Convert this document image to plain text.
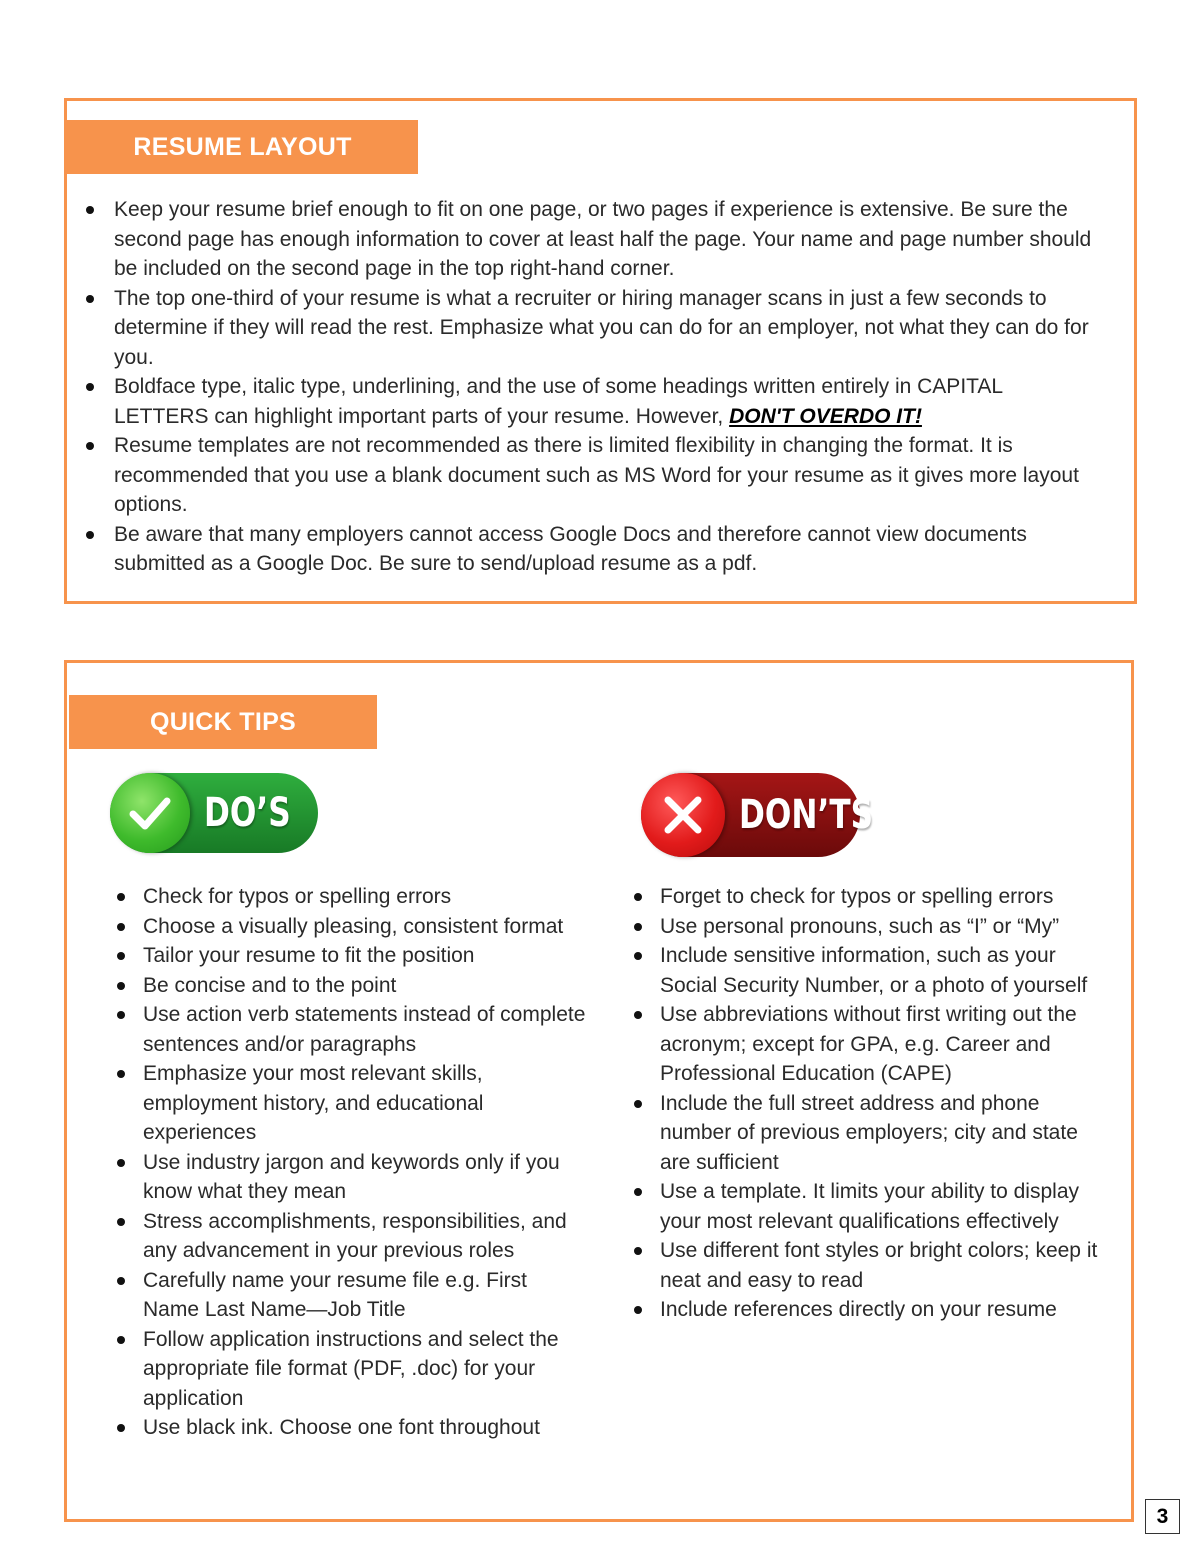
RESUME LAYOUT
Keep your resume brief enough to fit on one page, or two pages if experience is extensive. Be sure the second page has enough information to cover at least half the page. Your name and page number should be included on the second page in the top right-hand corner.
The top one-third of your resume is what a recruiter or hiring manager scans in just a few seconds to determine if they will read the rest. Emphasize what you can do for an employer, not what they can do for you.
Boldface type, italic type, underlining, and the use of some headings written entirely in CAPITAL LETTERS can highlight important parts of your resume. However, DON'T OVERDO IT!
Resume templates are not recommended as there is limited flexibility in changing the format. It is recommended that you use a blank document such as MS Word for your resume as it gives more layout options.
Be aware that many employers cannot access Google Docs and therefore cannot view documents submitted as a Google Doc. Be sure to send/upload resume as a pdf.
QUICK TIPS
DO’S	DON’TS
Check for typos or spelling errors
Choose a visually pleasing, consistent format
Tailor your resume to fit the position
Be concise and to the point
Use action verb statements instead of complete sentences and/or paragraphs
Emphasize your most relevant skills, employment history, and educational experiences
Use industry jargon and keywords only if you know what they mean
Stress accomplishments, responsibilities, and any advancement in your previous roles
Carefully name your resume file e.g. First Name Last Name—Job Title
Follow application instructions and select the appropriate file format (PDF, .doc) for your application
Use black ink. Choose one font throughout
Forget to check for typos or spelling errors
Use personal pronouns, such as “I” or “My”
Include sensitive information, such as your Social Security Number, or a photo of yourself
Use abbreviations without first writing out the acronym; except for GPA, e.g. Career and Professional Education (CAPE)
Include the full street address and phone number of previous employers; city and state are sufficient
Use a template. It limits your ability to display your most relevant qualifications effectively
Use different font styles or bright colors; keep it neat and easy to read
Include references directly on your resume
3
